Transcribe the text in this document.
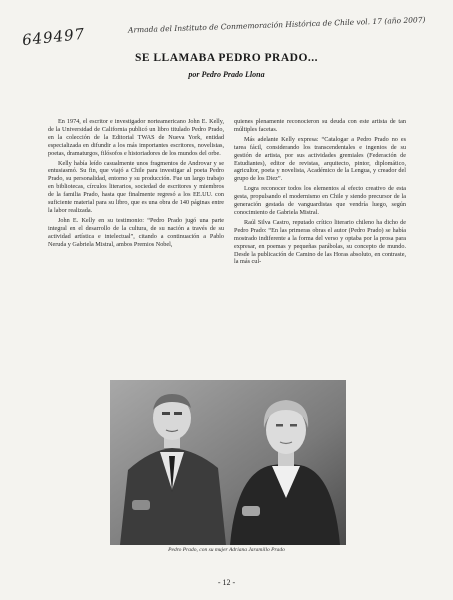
649497	Armada del Instituto de Conmemoración Histórica de Chile vol. 17 (año 2007)
SE LLAMABA PEDRO PRADO...
por Pedro Prado Llona

En 1974, el escritor e investigador norteamericano John E. Kelly, de la Universidad de California publicó un libro titulado Pedro Prado, en la colección de la Editorial TWAS de Nueva York, entidad especializada en difundir a los más importantes escritores, novelistas, poetas, dramaturgos, filósofos e historiadores de los mundos del orbe.

Kelly había leído casualmente unos fragmentos de Androvar y se entusiasmó. Su fin, que viajó a Chile para investigar al poeta Pedro Prado, su personalidad, entorno y su producción. Fue un largo trabajo en bibliotecas, círculos literarios, sociedad de escritores y miembros de la familia Prado, hasta que finalmente regresó a los EE.UU. con suficiente material para su libro, que es una obra de 140 páginas entre la labor realizada.

John E. Kelly en su testimonio: “Pedro Prado jugó una parte integral en el desarrollo de la cultura, de su nación a través de su actividad artística e intelectual”, citando a continuación a Pablo Neruda y Gabriela Mistral, ambos Premios Nobel,

quienes plenamente reconocieron su deuda con este artista de tan múltiples facetas.

Más adelante Kelly expresa: “Catalogar a Pedro Prado no es tarea fácil, considerando los transcendentales e ingenios de su gestión de artista, por sus actividades gremiales (Federación de Estudiantes), editor de revistas, arquitecto, pintor, diplomático, agricultor, poeta y novelista, Académico de la Lengua, y creador del grupo de los Diez”.

Logra reconocer todos los elementos al efecto creativo de esta gesta, propulsando el modernismo en Chile y siendo precursor de la generación gestada de vanguardistas que vendría luego, según conocimiento de Gabriela Mistral.

Raúl Silva Castro, reputado crítico literario chileno ha dicho de Pedro Prado: “En las primeras obras el autor (Pedro Prado) se había mostrado indiferente a la forma del verso y optaba por la prosa para expresar, en poemas y pequeñas parábolas, su concepto de mundo. Desde la publicación de Camino de las Horas absoluto, en contraste, la más cul-

Pedro Prado, con su mujer Adriana Jaramillo Prado
- 12 -
